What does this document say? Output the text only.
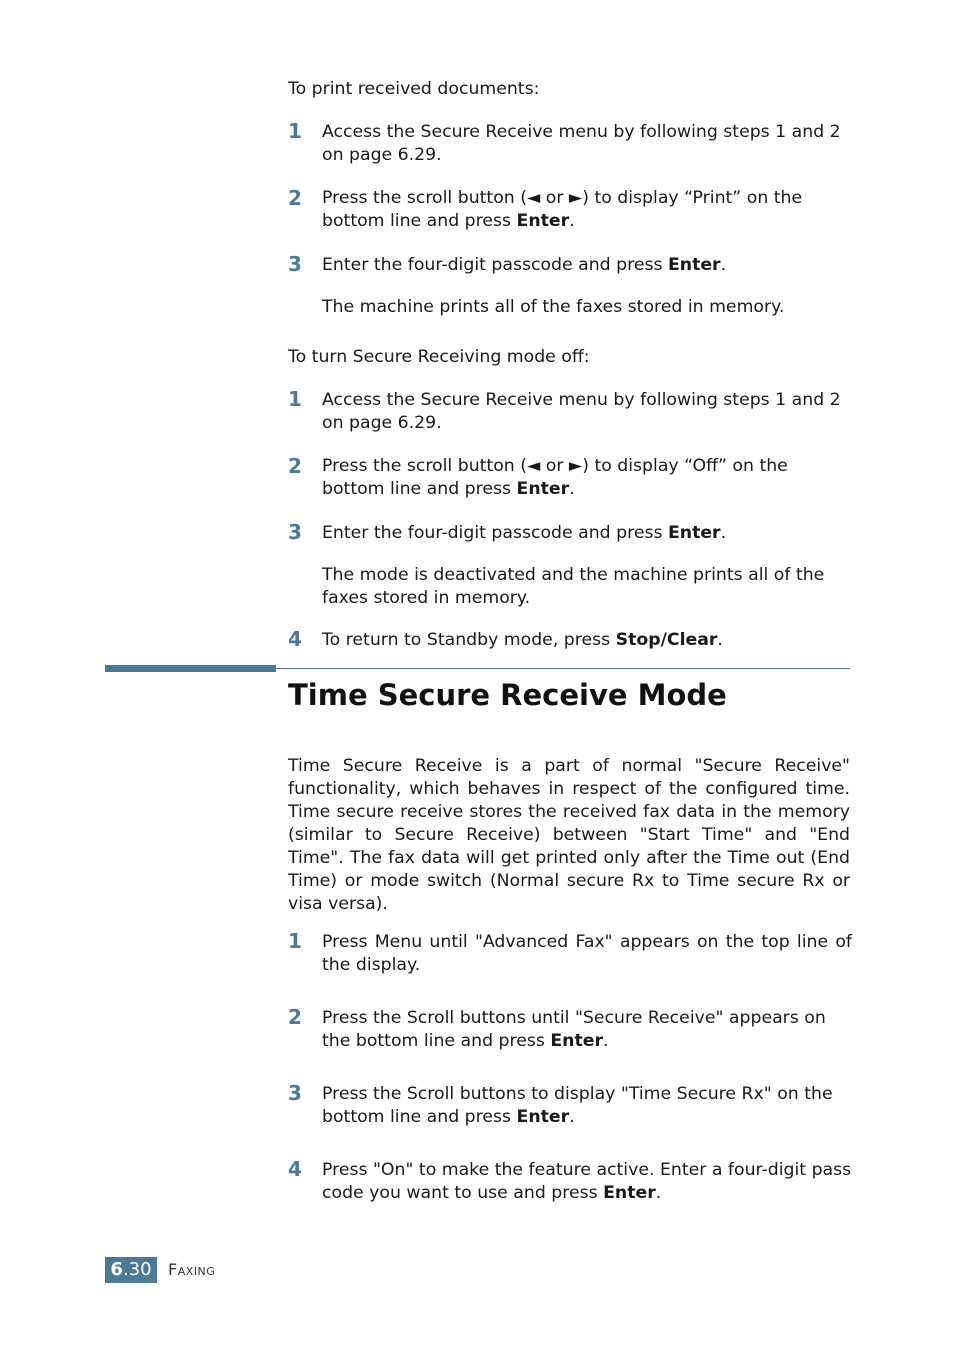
To print received documents:
1 Access the Secure Receive menu by following steps 1 and 2 on page 6.29.
2 Press the scroll button (◄ or ►) to display “Print” on the bottom line and press Enter.
3 Enter the four-digit passcode and press Enter.
The machine prints all of the faxes stored in memory.
To turn Secure Receiving mode off:
1 Access the Secure Receive menu by following steps 1 and 2 on page 6.29.
2 Press the scroll button (◄ or ►) to display “Off” on the bottom line and press Enter.
3 Enter the four-digit passcode and press Enter.
The mode is deactivated and the machine prints all of the faxes stored in memory.
4 To return to Standby mode, press Stop/Clear.
Time Secure Receive Mode
Time Secure Receive is a part of normal "Secure Receive" functionality, which behaves in respect of the configured time. Time secure receive stores the received fax data in the memory (similar to Secure Receive) between "Start Time" and "End Time". The fax data will get printed only after the Time out (End Time) or mode switch (Normal secure Rx to Time secure Rx or visa versa).
1 Press Menu until "Advanced Fax" appears on the top line of the display.
2 Press the Scroll buttons until "Secure Receive" appears on the bottom line and press Enter.
3 Press the Scroll buttons to display "Time Secure Rx" on the bottom line and press Enter.
4 Press "On" to make the feature active. Enter a four-digit pass code you want to use and press Enter.
6.30	Faxing
